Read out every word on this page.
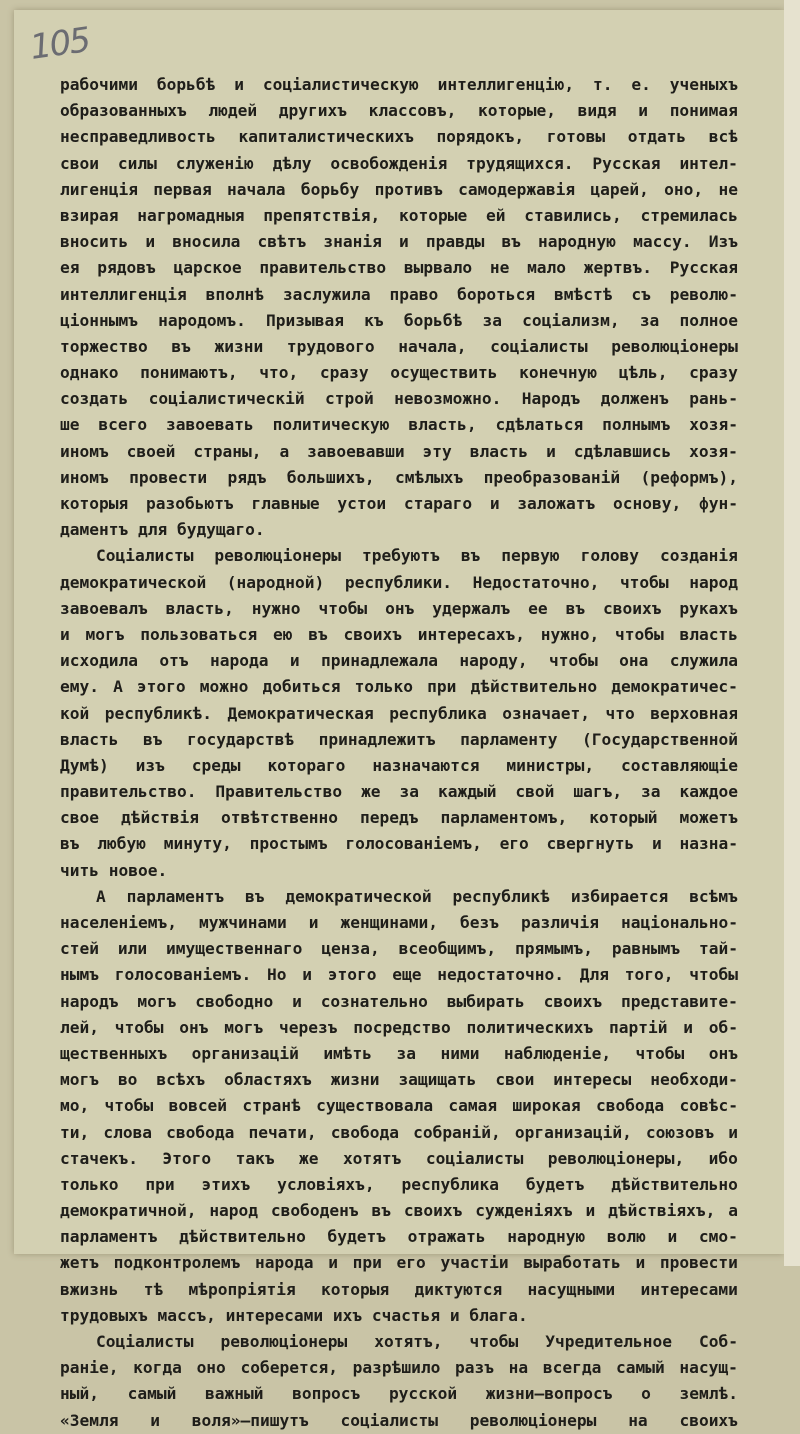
105
рабочими борьбѣ и соціалистическую интеллигенцію, т. е. ученыхъ
образованныхъ людей другихъ классовъ, которые, видя и понимая
несправедливость капиталистическихъ порядокъ, готовы отдать всѣ
свои силы служенію дѣлу освобожденія трудящихся. Русская интел-
лигенція первая начала борьбу противъ самодержавія царей, оно, не
взирая нагромадныя препятствія, которые ей ставились, стремилась
вносить и вносила свѣтъ знанія и правды въ народную массу. Изъ
ея рядовъ царское правительство вырвало не мало жертвъ. Русская
интеллигенція вполнѣ заслужила право бороться вмѣстѣ съ револю-
ціоннымъ народомъ. Призывая къ борьбѣ за соціализм, за полное
торжество въ жизни трудового начала, соціалисты революціонеры
однако понимаютъ, что, сразу осуществить конечную цѣль, сразу
создать соціалистическій строй невозможно. Народъ долженъ рань-
ше всего завоевать политическую власть, сдѣлаться полнымъ хозя-
иномъ своей страны, а завоевавши эту власть и сдѣлавшись хозя-
иномъ провести рядъ большихъ, смѣлыхъ преобразованій (реформъ),
которыя разобьютъ главные устои стараго и заложатъ основу, фун-
даментъ для будущаго.
Соціалисты революціонеры требуютъ въ первую голову созданія
демократической (народной) республики. Недостаточно, чтобы народ
завоевалъ власть, нужно чтобы онъ удержалъ ее въ своихъ рукахъ
и могъ пользоваться ею въ своихъ интересахъ, нужно, чтобы власть
исходила отъ народа и принадлежала народу, чтобы она служила
ему. А этого можно добиться только при дѣйствительно демократичес-
кой республикѣ. Демократическая республика означает, что верховная
власть въ государствѣ принадлежитъ парламенту (Государственной
Думѣ) изъ среды котораго назначаются министры, составляющіе
правительство. Правительство же за каждый свой шагъ, за каждое
свое дѣйствія отвѣтственно передъ парламентомъ, который можетъ
въ любую минуту, простымъ голосованіемъ, его свергнуть и назна-
чить новое.
А парламентъ въ демократической республикѣ избирается всѣмъ
населеніемъ, мужчинами и женщинами, безъ различія національно-
стей или имущественнаго ценза, всеобщимъ, прямымъ, равнымъ тай-
нымъ голосованіемъ. Но и этого еще недостаточно. Для того, чтобы
народъ могъ свободно и сознательно выбирать своихъ представите-
лей, чтобы онъ могъ черезъ посредство политическихъ партій и об-
щественныхъ организацій имѣть за ними наблюденіе, чтобы онъ
могъ во всѣхъ областяхъ жизни защищать свои интересы необходи-
мо, чтобы вовсей странѣ существовала самая широкая свобода совѣс-
ти, слова свобода печати, свобода собраній, организацій, союзовъ и
стачекъ. Этого такъ же хотятъ соціалисты революціонеры, ибо
только при этихъ условіяхъ, республика будетъ дѣйствительно
демократичной, народ свободенъ въ своихъ сужденіяхъ и дѣйствіяхъ, а
парламентъ дѣйствительно будетъ отражать народную волю и смо-
жетъ подконтролемъ народа и при его участіи выработать и провести
вжизнь тѣ мѣропріятія которыя диктуются насущными интересами
трудовыхъ массъ, интересами ихъ счастья и блага.
Соціалисты революціонеры хотятъ, чтобы Учредительное Соб-
раніе, когда оно соберется, разрѣшило разъ на всегда самый насущ-
ный, самый важный вопросъ русской жизни—вопросъ о землѣ.
«Земля и воля»—пишутъ соціалисты революціонеры на своихъ
